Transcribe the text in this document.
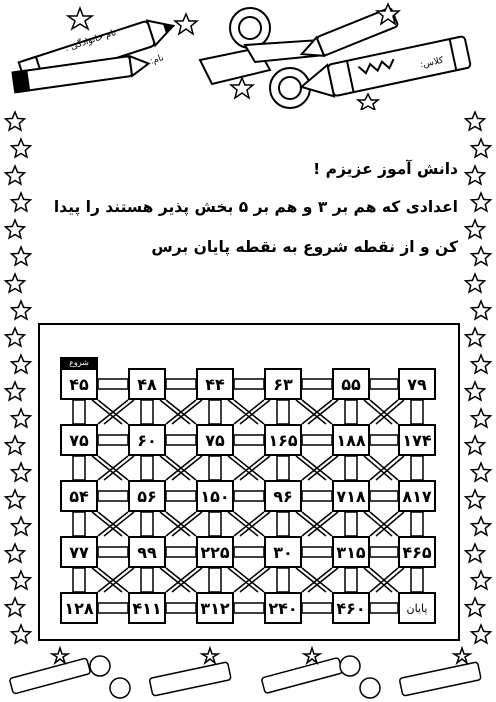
نام خانوادگی :
نام:	کلاس:
دانش آموز عزیزم !
اعدادی که هم بر ۳ و هم بر ۵ بخش پذیر هستند را پیدا
کن و از نقطه شروع به نقطه پایان برس
شروع
۴۵	۴۸	۴۴	۶۳	۵۵	۷۹
۷۵	۶۰	۷۵	۱۶۵ ۱۸۸ ۱۷۴
۵۴	۵۶	۱۵۰	۹۶	۷۱۸ ۸۱۷
۷۷	۹۹	۲۲۵	۳۰	۳۱۵ ۴۶۵
۱۲۸ ۴۱۱ ۳۱۲ ۲۴۰ ۴۶۰	پایان
